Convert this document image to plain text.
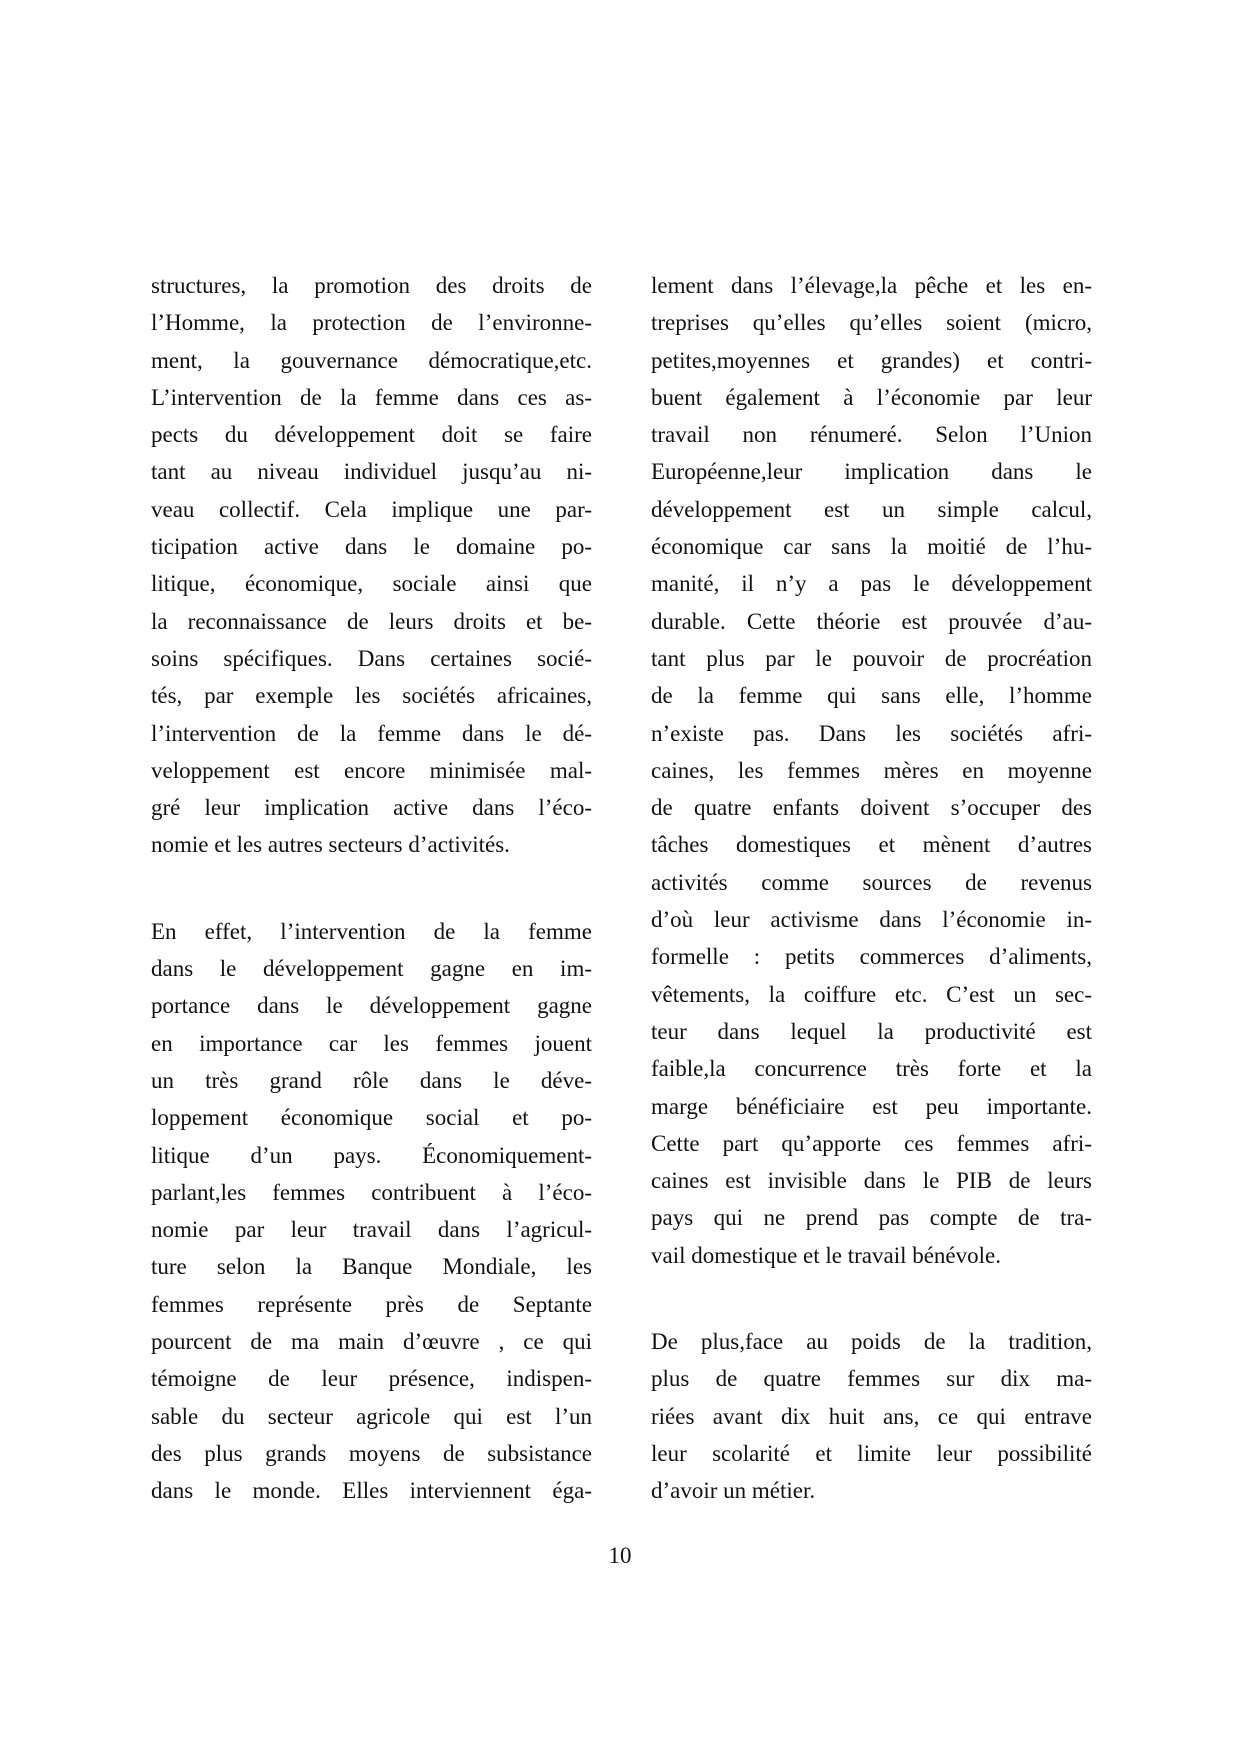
structures, la promotion des droits de
l’Homme, la protection de l’environne-
ment, la gouvernance démocratique,etc.
L’intervention de la femme dans ces as-
pects du développement doit se faire
tant au niveau individuel jusqu’au ni-
veau collectif. Cela implique une par-
ticipation active dans le domaine po-
litique, économique, sociale ainsi que
la reconnaissance de leurs droits et be-
soins spécifiques. Dans certaines socié-
tés, par exemple les sociétés africaines,
l’intervention de la femme dans le dé-
veloppement est encore minimisée mal-
gré leur implication active dans l’éco-
nomie et les autres secteurs d’activités.
En effet, l’intervention de la femme
dans le développement gagne en im-
portance dans le développement gagne
en importance car les femmes jouent
un très grand rôle dans le déve-
loppement économique social et po-
litique d’un pays. Économiquement-
parlant,les femmes contribuent à l’éco-
nomie par leur travail dans l’agricul-
ture selon la Banque Mondiale, les
femmes représente près de Septante
pourcent de ma main d’œuvre , ce qui
témoigne de leur présence, indispen-
sable du secteur agricole qui est l’un
des plus grands moyens de subsistance
dans le monde. Elles interviennent éga-
lement dans l’élevage,la pêche et les en-
treprises qu’elles qu’elles soient (micro,
petites,moyennes et grandes) et contri-
buent également à l’économie par leur
travail non rénumeré. Selon l’Union
Européenne,leur implication dans le
développement est un simple calcul,
économique car sans la moitié de l’hu-
manité, il n’y a pas le développement
durable. Cette théorie est prouvée d’au-
tant plus par le pouvoir de procréation
de la femme qui sans elle, l’homme
n’existe pas. Dans les sociétés afri-
caines, les femmes mères en moyenne
de quatre enfants doivent s’occuper des
tâches domestiques et mènent d’autres
activités comme sources de revenus
d’où leur activisme dans l’économie in-
formelle : petits commerces d’aliments,
vêtements, la coiffure etc. C’est un sec-
teur dans lequel la productivité est
faible,la concurrence très forte et la
marge bénéficiaire est peu importante.
Cette part qu’apporte ces femmes afri-
caines est invisible dans le PIB de leurs
pays qui ne prend pas compte de tra-
vail domestique et le travail bénévole.
De plus,face au poids de la tradition,
plus de quatre femmes sur dix ma-
riées avant dix huit ans, ce qui entrave
leur scolarité et limite leur possibilité
d’avoir un métier.
10
